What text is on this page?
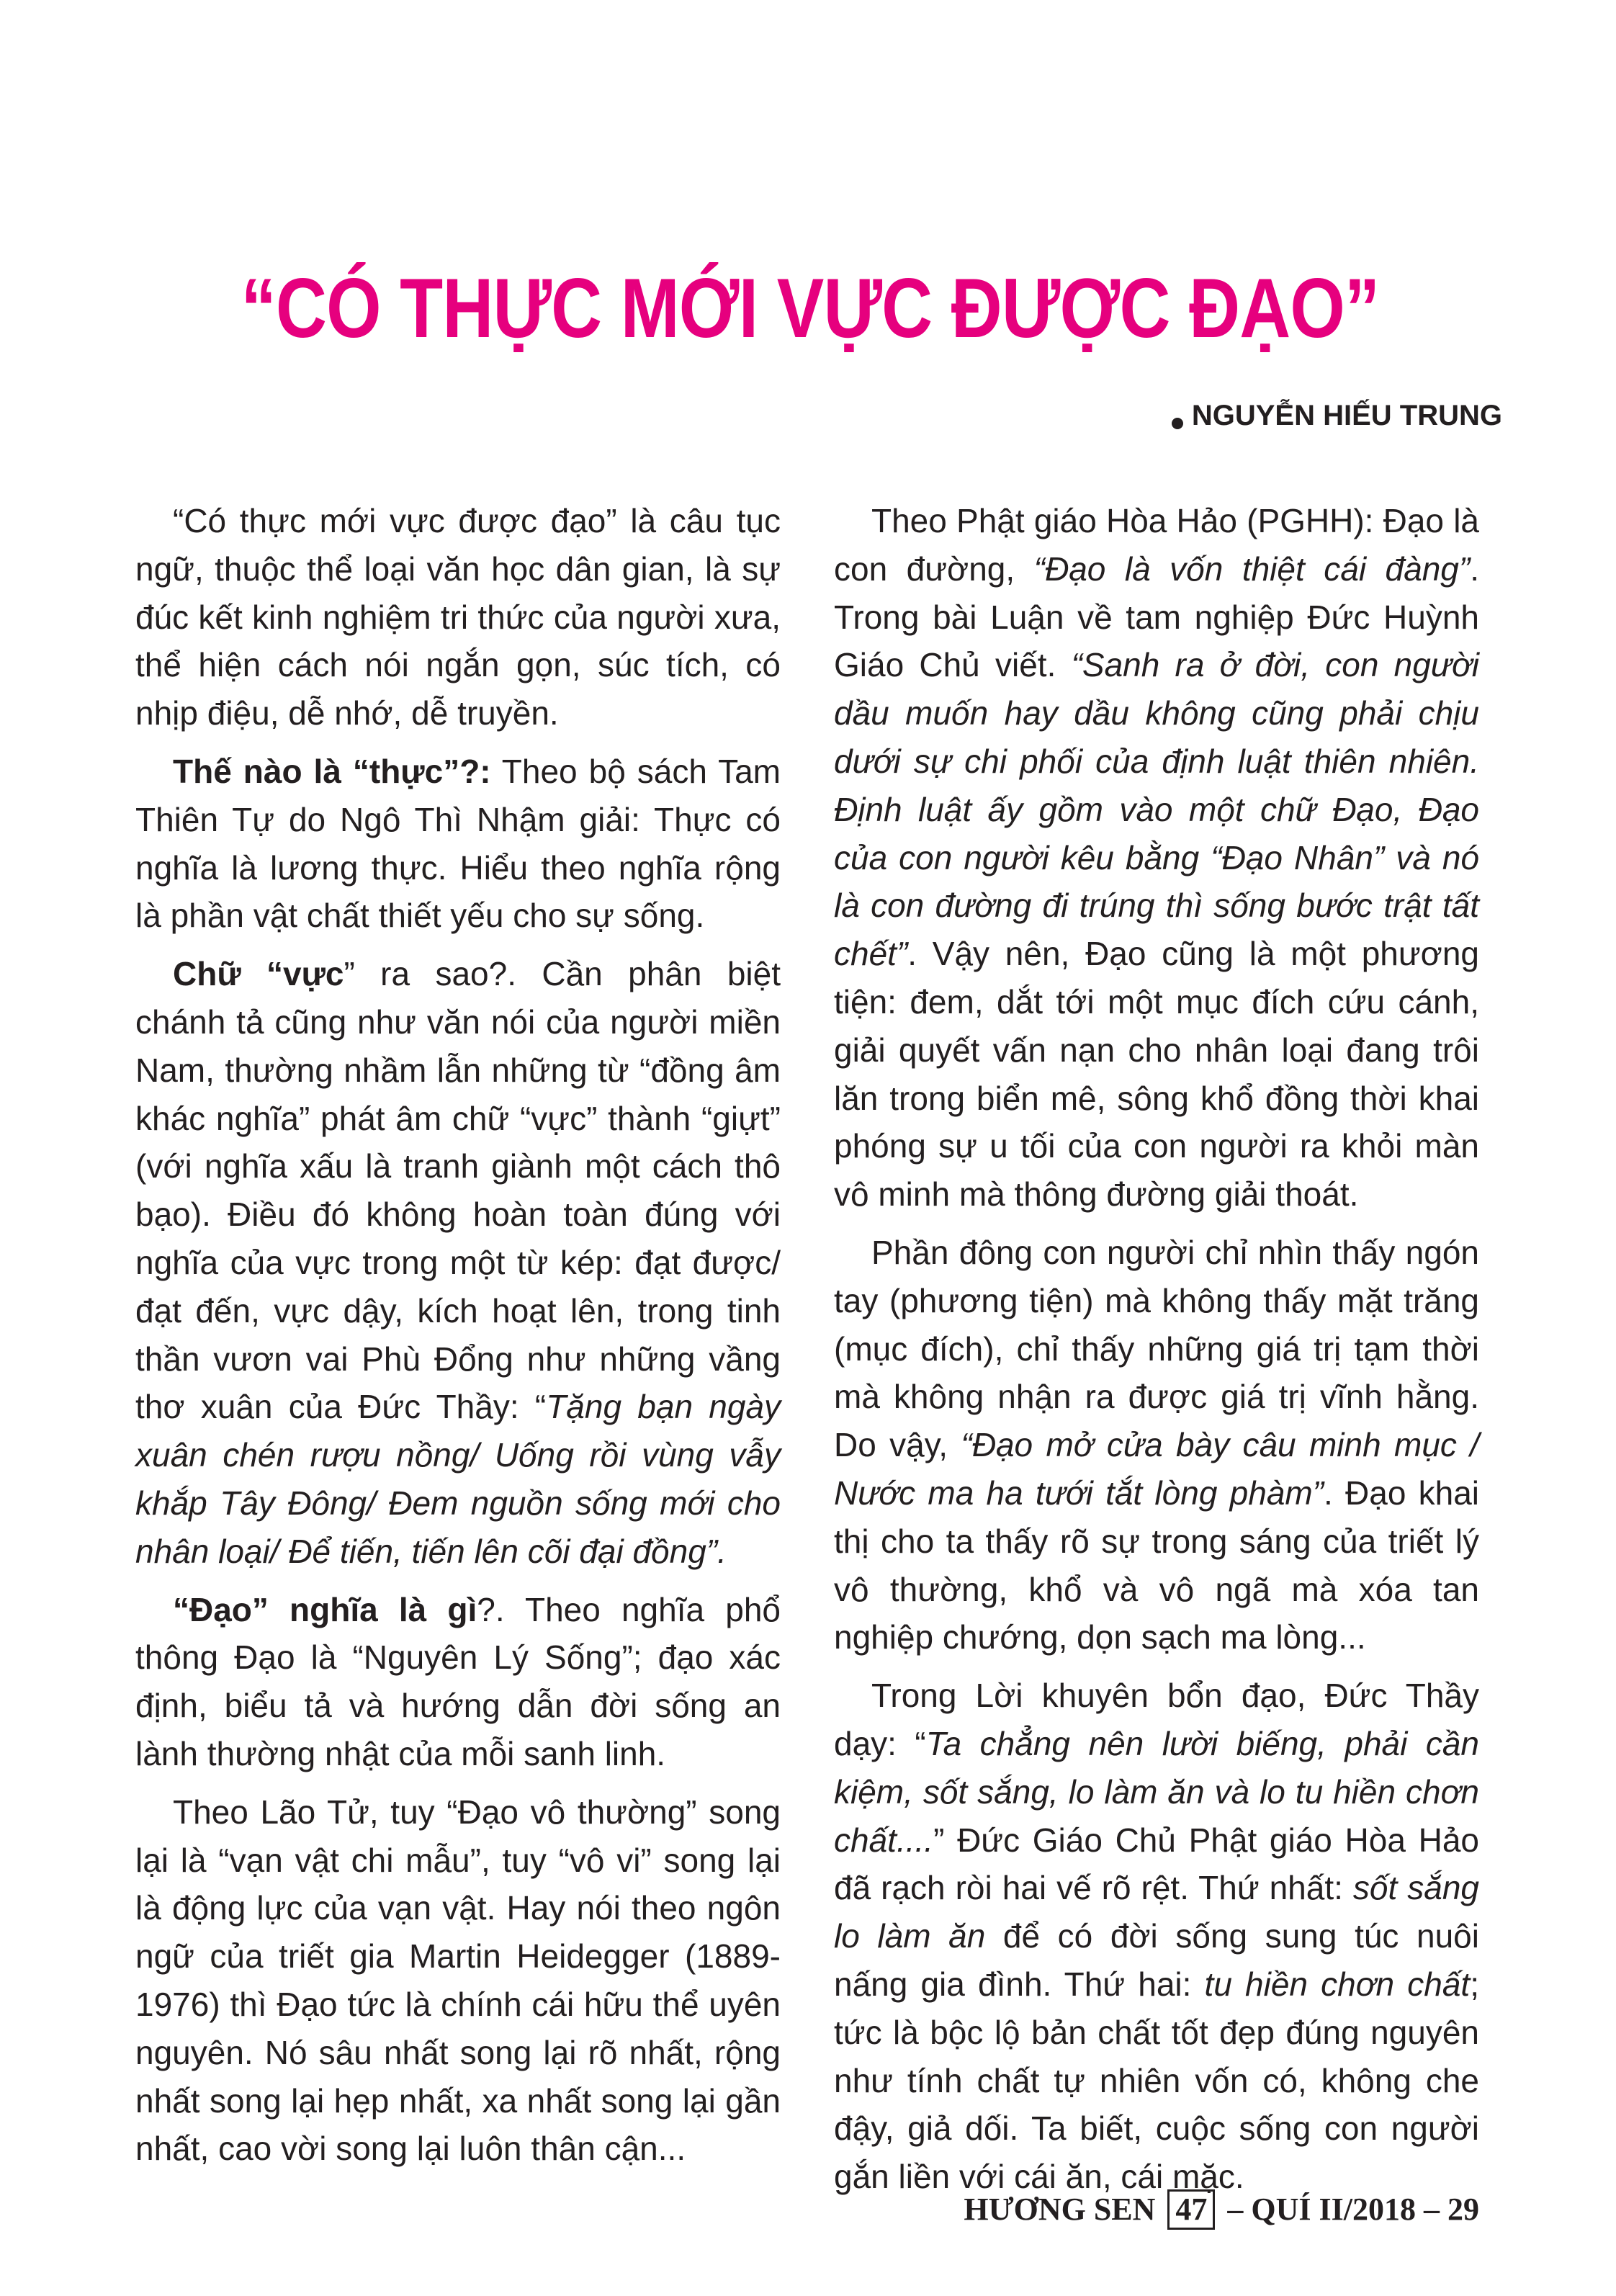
“CÓ THỰC MỚI VỰC ĐƯỢC ĐẠO”
NGUYỄN HIẾU TRUNG

“Có thực mới vực được đạo” là câu tục ngữ, thuộc thể loại văn học dân gian, là sự đúc kết kinh nghiệm tri thức của người xưa, thể hiện cách nói ngắn gọn, súc tích, có nhịp điệu, dễ nhớ, dễ truyền.

Thế nào là “thực”?: Theo bộ sách Tam Thiên Tự do Ngô Thì Nhậm giải: Thực có nghĩa là lương thực. Hiểu theo nghĩa rộng là phần vật chất thiết yếu cho sự sống.

Chữ “vực” ra sao?. Cần phân biệt chánh tả cũng như văn nói của người miền Nam, thường nhầm lẫn những từ “đồng âm khác nghĩa” phát âm chữ “vực” thành “giựt” (với nghĩa xấu là tranh giành một cách thô bạo). Điều đó không hoàn toàn đúng với nghĩa của vực trong một từ kép: đạt được/ đạt đến, vực dậy, kích hoạt lên, trong tinh thần vươn vai Phù Đổng như những vầng thơ xuân của Đức Thầy: “Tặng bạn ngày xuân chén rượu nồng/ Uống rồi vùng vẫy khắp Tây Đông/ Đem nguồn sống mới cho nhân loại/ Để tiến, tiến lên cõi đại đồng”.

“Đạo” nghĩa là gì?. Theo nghĩa phổ thông Đạo là “Nguyên Lý Sống”; đạo xác định, biểu tả và hướng dẫn đời sống an lành thường nhật của mỗi sanh linh.

Theo Lão Tử, tuy “Đạo vô thường” song lại là “vạn vật chi mẫu”, tuy “vô vi” song lại là động lực của vạn vật. Hay nói theo ngôn ngữ của triết gia Martin Heidegger (1889-1976) thì Đạo tức là chính cái hữu thể uyên nguyên. Nó sâu nhất song lại rõ nhất, rộng nhất song lại hẹp nhất, xa nhất song lại gần nhất, cao vời song lại luôn thân cận...

Theo Phật giáo Hòa Hảo (PGHH): Đạo là con đường, “Đạo là vốn thiệt cái đàng”. Trong bài Luận về tam nghiệp Đức Huỳnh Giáo Chủ viết. “Sanh ra ở đời, con người dầu muốn hay dầu không cũng phải chịu dưới sự chi phối của định luật thiên nhiên. Định luật ấy gồm vào một chữ Đạo, Đạo của con người kêu bằng “Đạo Nhân” và nó là con đường đi trúng thì sống bước trật tất chết”. Vậy nên, Đạo cũng là một phương tiện: đem, dắt tới một mục đích cứu cánh, giải quyết vấn nạn cho nhân loại đang trôi lăn trong biển mê, sông khổ đồng thời khai phóng sự u tối của con người ra khỏi màn vô minh mà thông đường giải thoát.

Phần đông con người chỉ nhìn thấy ngón tay (phương tiện) mà không thấy mặt trăng (mục đích), chỉ thấy những giá trị tạm thời mà không nhận ra được giá trị vĩnh hằng. Do vậy, “Đạo mở cửa bày câu minh mục / Nước ma ha tưới tắt lòng phàm”. Đạo khai thị cho ta thấy rõ sự trong sáng của triết lý vô thường, khổ và vô ngã mà xóa tan nghiệp chướng, dọn sạch ma lòng...

Trong Lời khuyên bổn đạo, Đức Thầy dạy: “Ta chẳng nên lười biếng, phải cần kiệm, sốt sắng, lo làm ăn và lo tu hiền chơn chất....” Đức Giáo Chủ Phật giáo Hòa Hảo đã rạch ròi hai vế rõ rệt. Thứ nhất: sốt sắng lo làm ăn để có đời sống sung túc nuôi nấng gia đình. Thứ hai: tu hiền chơn chất; tức là bộc lộ bản chất tốt đẹp đúng nguyên như tính chất tự nhiên vốn có, không che đậy, giả dối. Ta biết, cuộc sống con người gắn liền với cái ăn, cái mặc.

HƯƠNG SEN 47 – QUÍ II/2018 – 29
